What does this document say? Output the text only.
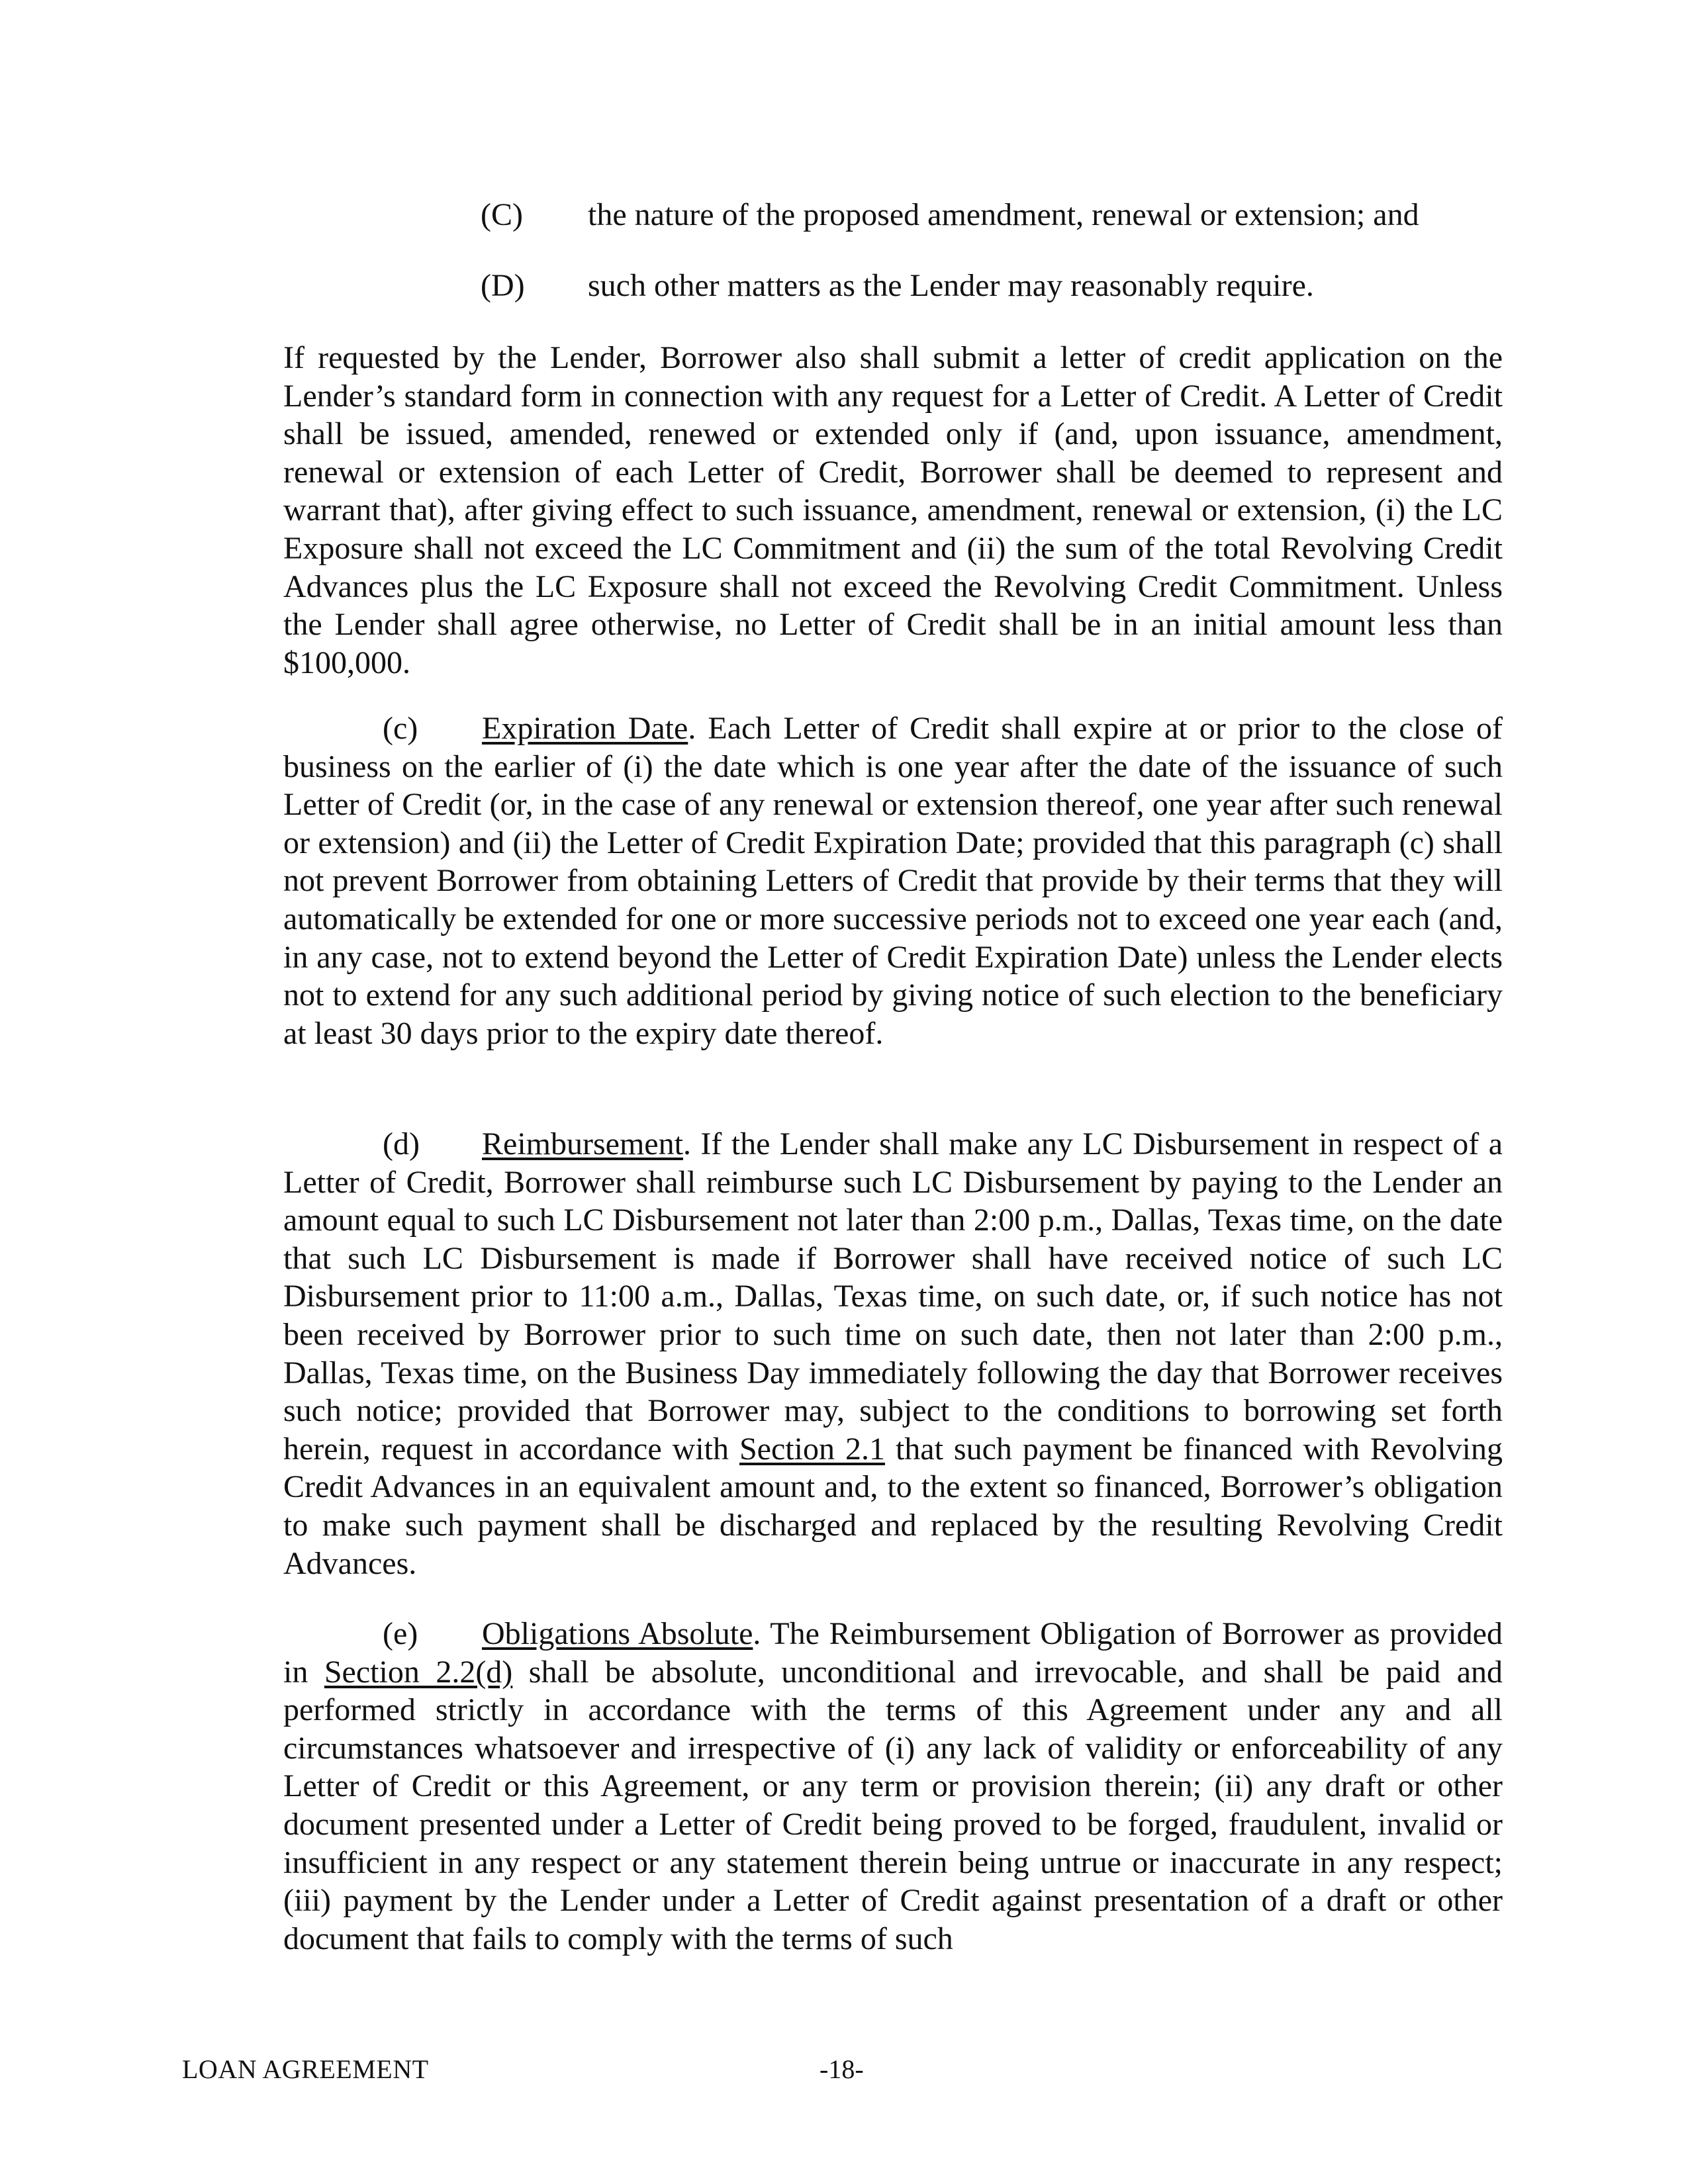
(C) the nature of the proposed amendment, renewal or extension; and
(D) such other matters as the Lender may reasonably require.
If requested by the Lender, Borrower also shall submit a letter of credit application on the Lender’s standard form in connection with any request for a Letter of Credit. A Letter of Credit shall be issued, amended, renewed or extended only if (and, upon issuance, amendment, renewal or extension of each Letter of Credit, Borrower shall be deemed to represent and warrant that), after giving effect to such issuance, amendment, renewal or extension, (i) the LC Exposure shall not exceed the LC Commitment and (ii) the sum of the total Revolving Credit Advances plus the LC Exposure shall not exceed the Revolving Credit Commitment. Unless the Lender shall agree otherwise, no Letter of Credit shall be in an initial amount less than $100,000.
(c) Expiration Date. Each Letter of Credit shall expire at or prior to the close of business on the earlier of (i) the date which is one year after the date of the issuance of such Letter of Credit (or, in the case of any renewal or extension thereof, one year after such renewal or extension) and (ii) the Letter of Credit Expiration Date; provided that this paragraph (c) shall not prevent Borrower from obtaining Letters of Credit that provide by their terms that they will automatically be extended for one or more successive periods not to exceed one year each (and, in any case, not to extend beyond the Letter of Credit Expiration Date) unless the Lender elects not to extend for any such additional period by giving notice of such election to the beneficiary at least 30 days prior to the expiry date thereof.
(d) Reimbursement. If the Lender shall make any LC Disbursement in respect of a Letter of Credit, Borrower shall reimburse such LC Disbursement by paying to the Lender an amount equal to such LC Disbursement not later than 2:00 p.m., Dallas, Texas time, on the date that such LC Disbursement is made if Borrower shall have received notice of such LC Disbursement prior to 11:00 a.m., Dallas, Texas time, on such date, or, if such notice has not been received by Borrower prior to such time on such date, then not later than 2:00 p.m., Dallas, Texas time, on the Business Day immediately following the day that Borrower receives such notice; provided that Borrower may, subject to the conditions to borrowing set forth herein, request in accordance with Section 2.1 that such payment be financed with Revolving Credit Advances in an equivalent amount and, to the extent so financed, Borrower’s obligation to make such payment shall be discharged and replaced by the resulting Revolving Credit Advances.
(e) Obligations Absolute. The Reimbursement Obligation of Borrower as provided in Section 2.2(d) shall be absolute, unconditional and irrevocable, and shall be paid and performed strictly in accordance with the terms of this Agreement under any and all circumstances whatsoever and irrespective of (i) any lack of validity or enforceability of any Letter of Credit or this Agreement, or any term or provision therein; (ii) any draft or other document presented under a Letter of Credit being proved to be forged, fraudulent, invalid or insufficient in any respect or any statement therein being untrue or inaccurate in any respect; (iii) payment by the Lender under a Letter of Credit against presentation of a draft or other document that fails to comply with the terms of such
LOAN AGREEMENT	-18-
